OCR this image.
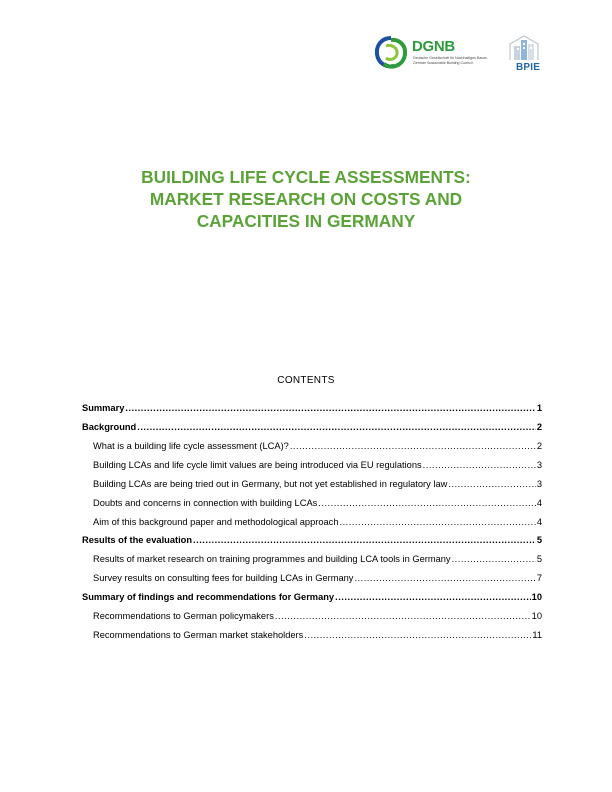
DGNB
Deutsche Gesellschaft für Nachhaltiges Bauen
German Sustainable Building Council	BPIE
BUILDING LIFE CYCLE ASSESSMENTS:
MARKET RESEARCH ON COSTS AND
CAPACITIES IN GERMANY
CONTENTS
Summary .....	1
Background .....	2
What is a building life cycle assessment (LCA)? .....	2
Building LCAs and life cycle limit values are being introduced via EU regulations .....	3
Building LCAs are being tried out in Germany, but not yet established in regulatory law .....	3
Doubts and concerns in connection with building LCAs .....	4
Aim of this background paper and methodological approach .....	4
Results of the evaluation .....	5
Results of market research on training programmes and building LCA tools in Germany .....	5
Survey results on consulting fees for building LCAs in Germany .....	7
Summary of findings and recommendations for Germany .....	10
Recommendations to German policymakers .....	10
Recommendations to German market stakeholders .....	11
